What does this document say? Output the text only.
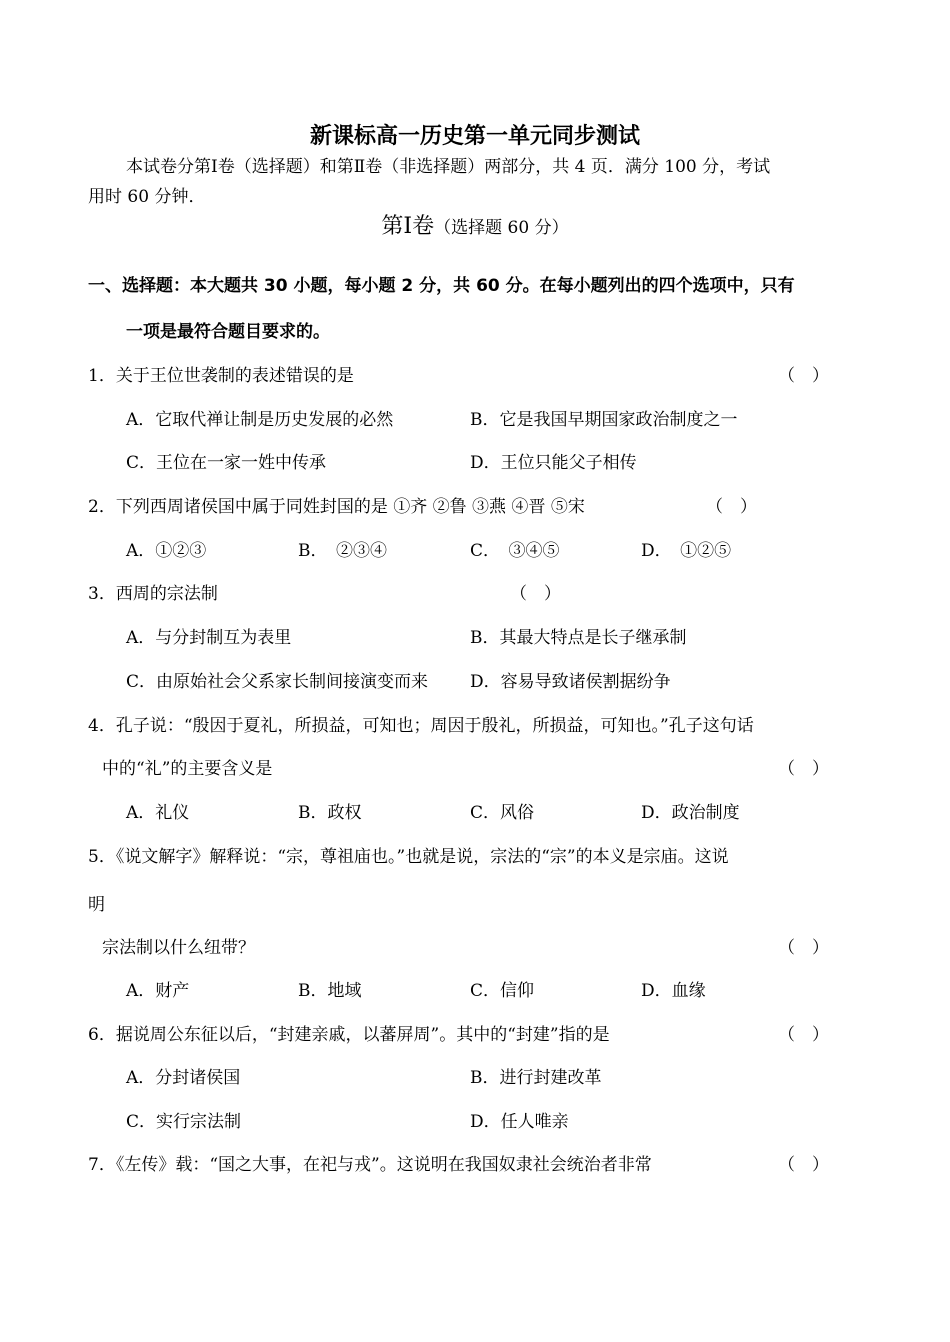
新课标高一历史第一单元同步测试
本试卷分第Ⅰ卷（选择题）和第Ⅱ卷（非选择题）两部分，共 4 页．满分 100 分，考试
用时 60 分钟．
第Ⅰ卷（选择题 60 分）
一、选择题：本大题共 30 小题，每小题 2 分，共 60 分。在每小题列出的四个选项中，只有
一项是最符合题目要求的。
1．关于王位世袭制的表述错误的是	（　）
A．它取代禅让制是历史发展的必然	B．它是我国早期国家政治制度之一
C．王位在一家一姓中传承	D．王位只能父子相传
2．下列西周诸侯国中属于同姓封国的是 ①齐 ②鲁 ③燕 ④晋 ⑤宋	（　）
A．①②③	B．　②③④	C．　③④⑤	D．　①②⑤
3．西周的宗法制	（　）
A．与分封制互为表里	B．其最大特点是长子继承制
C．由原始社会父系家长制间接演变而来 D．容易导致诸侯割据纷争
4．孔子说：“殷因于夏礼，所损益，可知也；周因于殷礼，所损益，可知也。”孔子这句话
中的“礼”的主要含义是	（　）
A．礼仪	B．政权	C．风俗	D．政治制度
5．《说文解字》解释说：“宗，尊祖庙也。”也就是说，宗法的“宗”的本义是宗庙。这说
明
宗法制以什么纽带？	（　）
A．财产	B．地域	C．信仰	D．血缘
6．据说周公东征以后，“封建亲戚，以蕃屏周”。其中的“封建”指的是	（　）
A．分封诸侯国	B．进行封建改革
C．实行宗法制	D．任人唯亲
7．《左传》载：“国之大事，在祀与戎”。这说明在我国奴隶社会统治者非常	（　）
